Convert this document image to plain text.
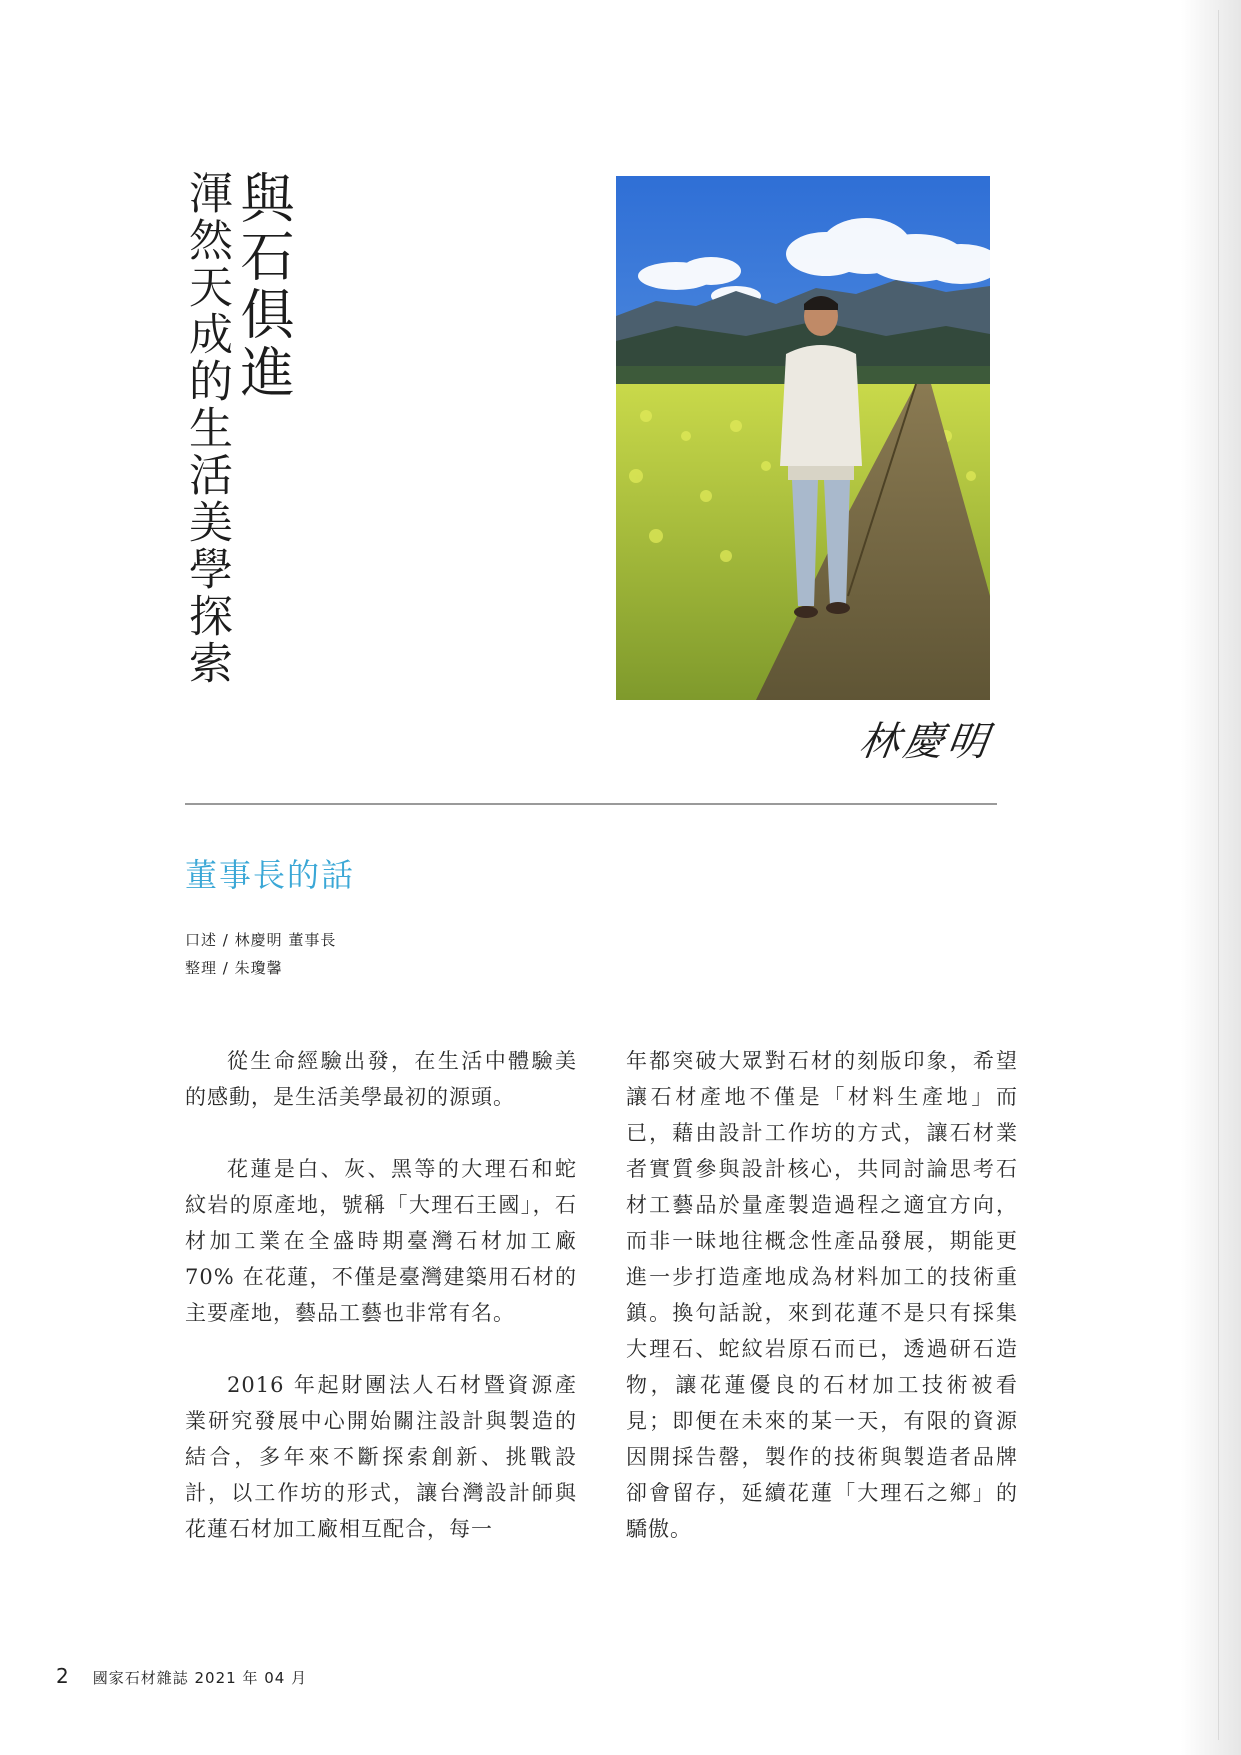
與石俱進
渾然天成的生活美學探索
林慶明
董事長的話
口述 / 林慶明 董事長
整理 / 朱瓊馨

從生命經驗出發，在生活中體驗美的感動，是生活美學最初的源頭。

花蓮是白、灰、黑等的大理石和蛇紋岩的原產地，號稱「大理石王國」，石材加工業在全盛時期臺灣石材加工廠 70% 在花蓮，不僅是臺灣建築用石材的主要產地，藝品工藝也非常有名。

2016 年起財團法人石材暨資源產業研究發展中心開始關注設計與製造的結合，多年來不斷探索創新、挑戰設計，以工作坊的形式，讓台灣設計師與花蓮石材加工廠相互配合，每一

年都突破大眾對石材的刻版印象，希望讓石材產地不僅是「材料生產地」而已，藉由設計工作坊的方式，讓石材業者實質參與設計核心，共同討論思考石材工藝品於量產製造過程之適宜方向，而非一昧地往概念性產品發展，期能更進一步打造產地成為材料加工的技術重鎮。換句話說，來到花蓮不是只有採集大理石、蛇紋岩原石而已，透過研石造物，讓花蓮優良的石材加工技術被看見；即便在未來的某一天，有限的資源因開採告罄，製作的技術與製造者品牌卻會留存，延續花蓮「大理石之鄉」的驕傲。

2 國家石材雜誌 2021 年 04 月
